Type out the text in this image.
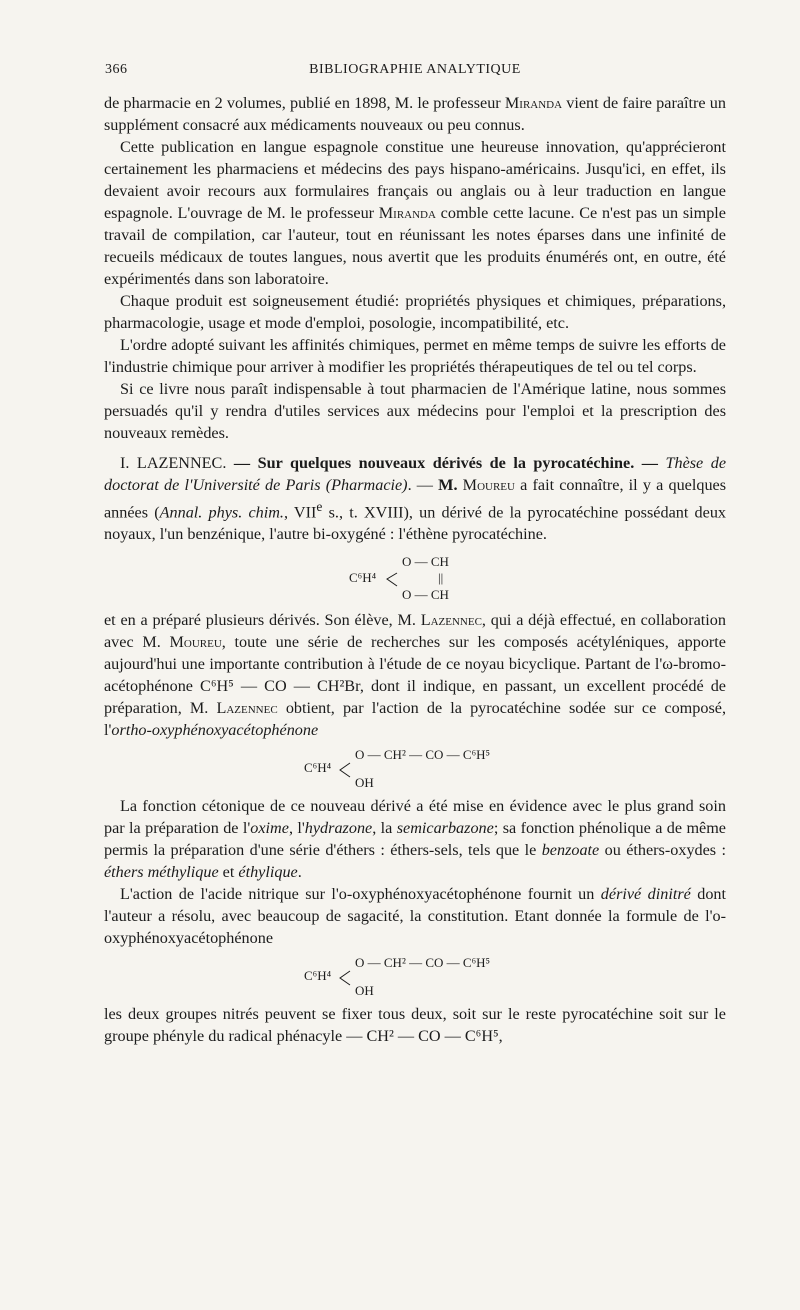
366	BIBLIOGRAPHIE ANALYTIQUE

de pharmacie en 2 volumes, publié en 1898, M. le professeur Miranda vient de faire paraître un supplément consacré aux médicaments nouveaux ou peu connus.

Cette publication en langue espagnole constitue une heureuse innovation, qu'apprécieront certainement les pharmaciens et médecins des pays hispano-américains. Jusqu'ici, en effet, ils devaient avoir recours aux formulaires français ou anglais ou à leur traduction en langue espagnole. L'ouvrage de M. le professeur Miranda comble cette lacune. Ce n'est pas un simple travail de compilation, car l'auteur, tout en réunissant les notes éparses dans une infinité de recueils médicaux de toutes langues, nous avertit que les produits énumérés ont, en outre, été expérimentés dans son laboratoire.

Chaque produit est soigneusement étudié: propriétés physiques et chimiques, préparations, pharmacologie, usage et mode d'emploi, posologie, incompatibilité, etc.

L'ordre adopté suivant les affinités chimiques, permet en même temps de suivre les efforts de l'industrie chimique pour arriver à modifier les propriétés thérapeutiques de tel ou tel corps.

Si ce livre nous paraît indispensable à tout pharmacien de l'Amérique latine, nous sommes persuadés qu'il y rendra d'utiles services aux médecins pour l'emploi et la prescription des nouveaux remèdes.

I. LAZENNEC. — Sur quelques nouveaux dérivés de la pyrocatéchine. — Thèse de doctorat de l'Université de Paris (Pharmacie). — M. Moureu a fait connaître, il y a quelques années (Annal. phys. chim., VIIe s., t. XVIII), un dérivé de la pyrocatéchine possédant deux noyaux, l'un benzénique, l'autre bi-oxygéné : l'éthène pyrocatéchine.

C⁶H⁴
O — CH
||
O — CH

et en a préparé plusieurs dérivés. Son élève, M. Lazennec, qui a déjà effectué, en collaboration avec M. Moureu, toute une série de recherches sur les composés acétyléniques, apporte aujourd'hui une importante contribution à l'étude de ce noyau bicyclique. Partant de l'ω-bromo-acétophénone C⁶H⁵ — CO — CH²Br, dont il indique, en passant, un excellent procédé de préparation, M. Lazennec obtient, par l'action de la pyrocatéchine sodée sur ce composé, l'ortho-oxyphénoxyacétophénone

C⁶H⁴
O — CH² — CO — C⁶H⁵
OH

La fonction cétonique de ce nouveau dérivé a été mise en évidence avec le plus grand soin par la préparation de l'oxime, l'hydrazone, la semicarbazone; sa fonction phénolique a de même permis la préparation d'une série d'éthers : éthers-sels, tels que le benzoate ou éthers-oxydes : éthers méthylique et éthylique.

L'action de l'acide nitrique sur l'o-oxyphénoxyacétophénone fournit un dérivé dinitré dont l'auteur a résolu, avec beaucoup de sagacité, la constitution. Etant donnée la formule de l'o-oxyphénoxyacétophénone

C⁶H⁴
O — CH² — CO — C⁶H⁵
OH

les deux groupes nitrés peuvent se fixer tous deux, soit sur le reste pyrocatéchine soit sur le groupe phényle du radical phénacyle — CH² — CO — C⁶H⁵,
